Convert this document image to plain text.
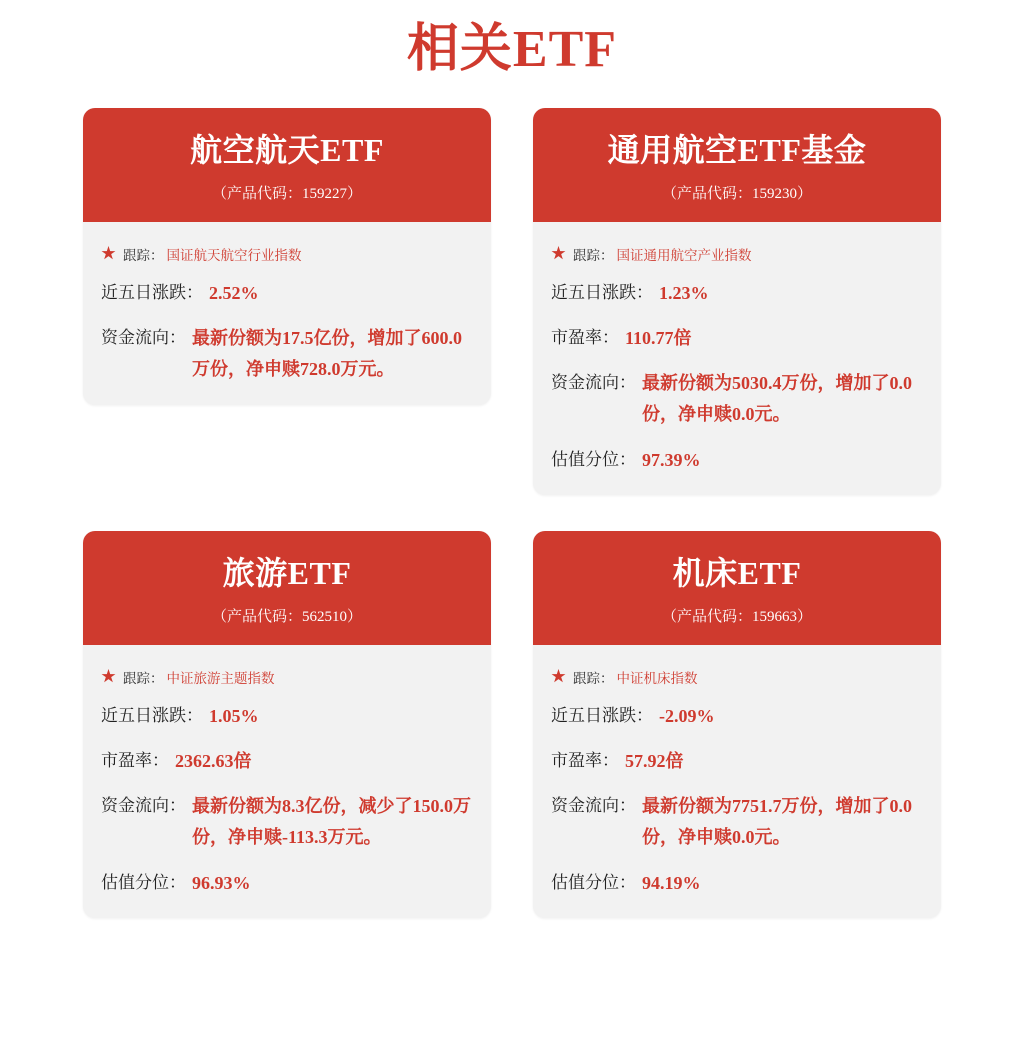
相关ETF
航空航天ETF
（产品代码：159227）
★ 跟踪： 国证航天航空行业指数
近五日涨跌： 2.52%
资金流向： 最新份额为17.5亿份，增加了600.0万份，净申赎728.0万元。
通用航空ETF基金
（产品代码：159230）
★ 跟踪： 国证通用航空产业指数
近五日涨跌： 1.23%
市盈率： 110.77倍
资金流向： 最新份额为5030.4万份，增加了0.0份，净申赎0.0元。
估值分位： 97.39%
旅游ETF
（产品代码：562510）
★ 跟踪： 中证旅游主题指数
近五日涨跌： 1.05%
市盈率： 2362.63倍
资金流向： 最新份额为8.3亿份，减少了150.0万份，净申赎-113.3万元。
估值分位： 96.93%
机床ETF
（产品代码：159663）
★ 跟踪： 中证机床指数
近五日涨跌： -2.09%
市盈率： 57.92倍
资金流向： 最新份额为7751.7万份，增加了0.0份，净申赎0.0元。
估值分位： 94.19%
